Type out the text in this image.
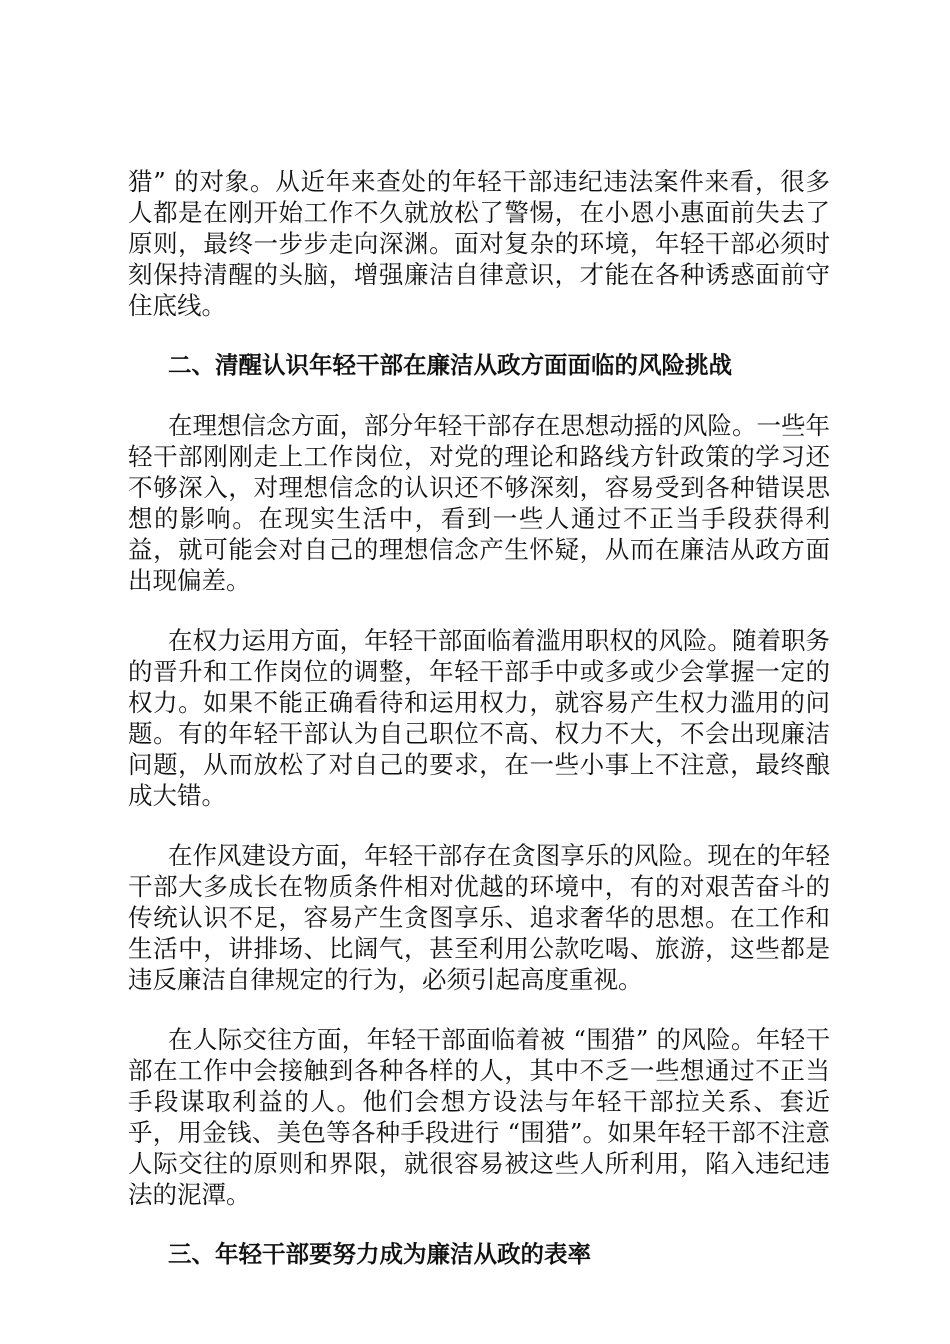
猎” 的对象。从近年来查处的年轻干部违纪违法案件来看，很多人都是在刚开始工作不久就放松了警惕，在小恩小惠面前失去了原则，最终一步步走向深渊。面对复杂的环境，年轻干部必须时刻保持清醒的头脑，增强廉洁自律意识，才能在各种诱惑面前守住底线。

二、清醒认识年轻干部在廉洁从政方面面临的风险挑战

在理想信念方面，部分年轻干部存在思想动摇的风险。一些年轻干部刚刚走上工作岗位，对党的理论和路线方针政策的学习还不够深入，对理想信念的认识还不够深刻，容易受到各种错误思想的影响。在现实生活中，看到一些人通过不正当手段获得利益，就可能会对自己的理想信念产生怀疑，从而在廉洁从政方面出现偏差。

在权力运用方面，年轻干部面临着滥用职权的风险。随着职务的晋升和工作岗位的调整，年轻干部手中或多或少会掌握一定的权力。如果不能正确看待和运用权力，就容易产生权力滥用的问题。有的年轻干部认为自己职位不高、权力不大，不会出现廉洁问题，从而放松了对自己的要求，在一些小事上不注意，最终酿成大错。

在作风建设方面，年轻干部存在贪图享乐的风险。现在的年轻干部大多成长在物质条件相对优越的环境中，有的对艰苦奋斗的传统认识不足，容易产生贪图享乐、追求奢华的思想。在工作和生活中，讲排场、比阔气，甚至利用公款吃喝、旅游，这些都是违反廉洁自律规定的行为，必须引起高度重视。

在人际交往方面，年轻干部面临着被 “围猎” 的风险。年轻干部在工作中会接触到各种各样的人，其中不乏一些想通过不正当手段谋取利益的人。他们会想方设法与年轻干部拉关系、套近乎，用金钱、美色等各种手段进行 “围猎”。如果年轻干部不注意人际交往的原则和界限，就很容易被这些人所利用，陷入违纪违法的泥潭。

三、年轻干部要努力成为廉洁从政的表率
